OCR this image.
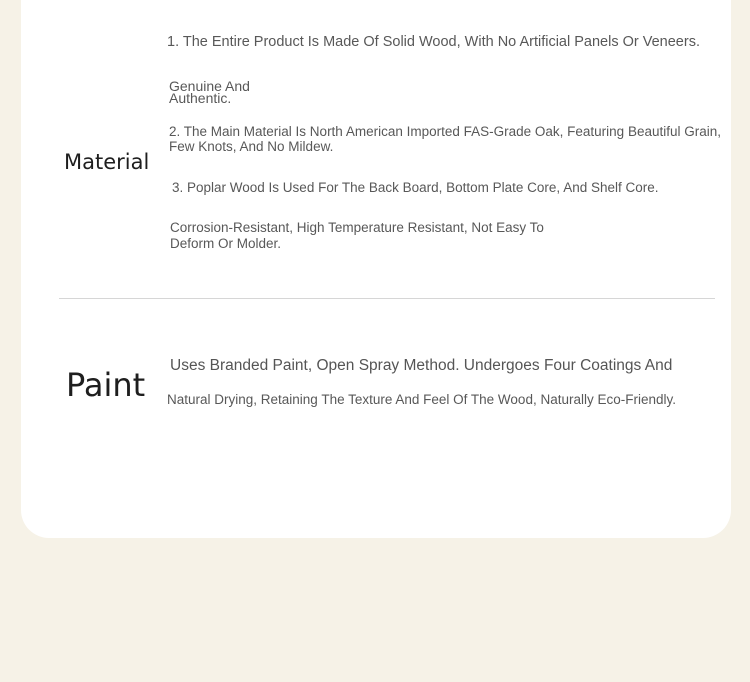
Material
1. The Entire Product Is Made Of Solid Wood, With No Artificial Panels Or Veneers.
Genuine And Authentic.
2. The Main Material Is North American Imported FAS-Grade Oak, Featuring Beautiful Grain, Few Knots, And No Mildew.
3. Poplar Wood Is Used For The Back Board, Bottom Plate Core, And Shelf Core.
Corrosion-Resistant, High Temperature Resistant, Not Easy To Deform Or Molder.
Paint
Uses Branded Paint, Open Spray Method. Undergoes Four Coatings And
Natural Drying, Retaining The Texture And Feel Of The Wood, Naturally Eco-Friendly.
